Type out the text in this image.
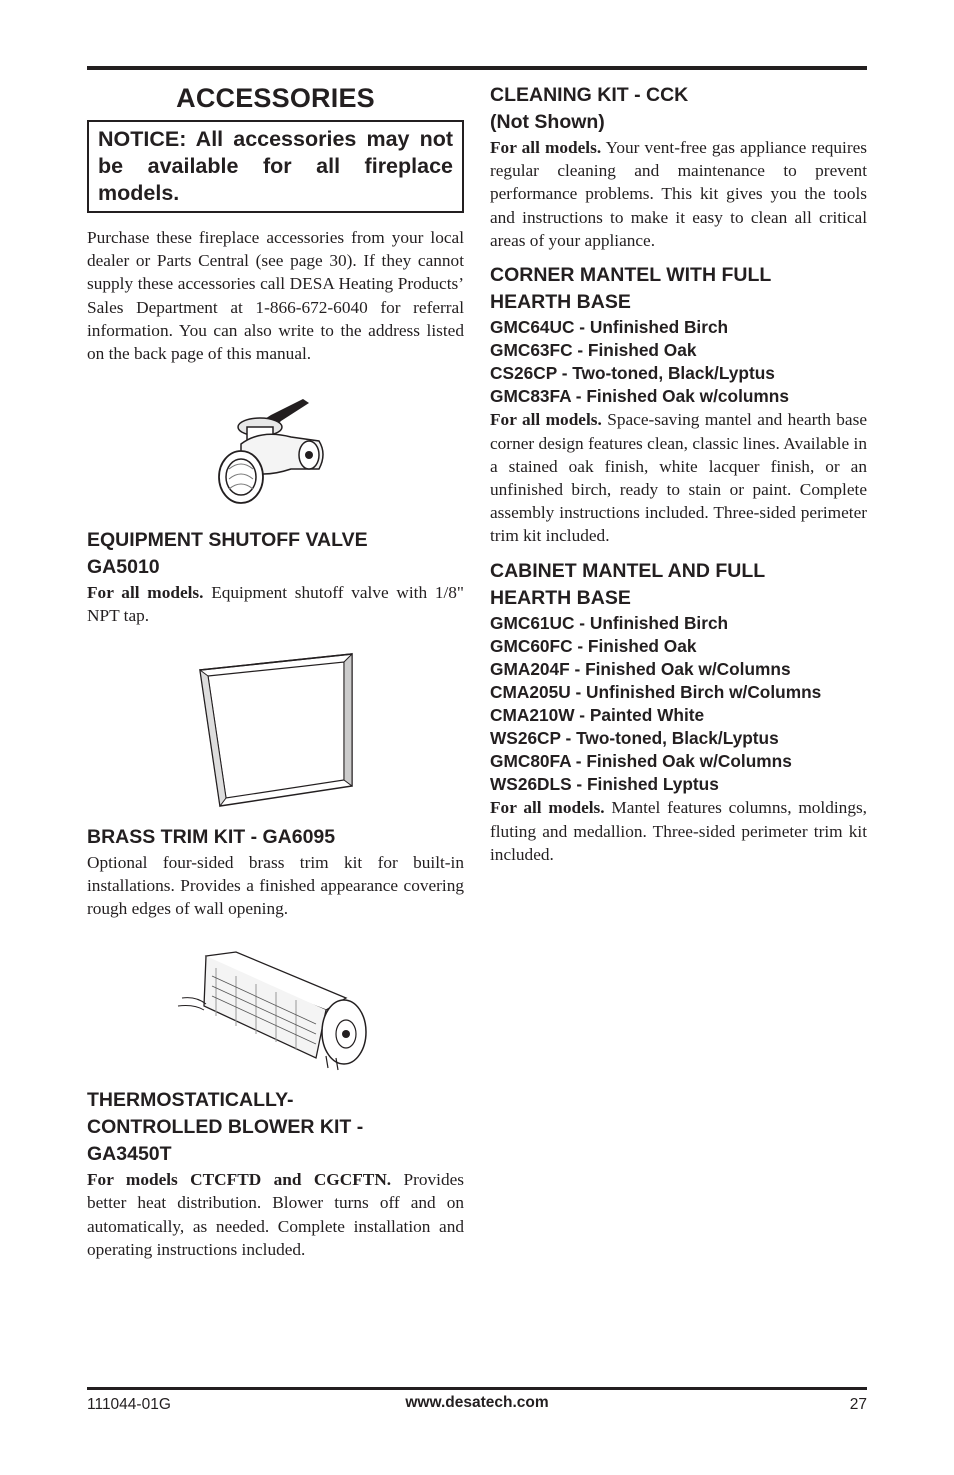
ACCESSORIES
NOTICE: All accessories may not be available for all fireplace models.

Purchase these fireplace accessories from your local dealer or Parts Central (see page 30). If they cannot supply these accessories call DESA Heating Products’ Sales Department at 1-866-672-6040 for referral information. You can also write to the address listed on the back page of this manual.

EQUIPMENT SHUTOFF VALVE
GA5010

For all models. Equipment shutoff valve with 1/8" NPT tap.

BRASS TRIM KIT - GA6095

Optional four-sided brass trim kit for built-in installations. Provides a finished appearance covering rough edges of wall opening.

THERMOSTATICALLY-
CONTROLLED BLOWER KIT -
GA3450T

For models CTCFTD and CGCFTN. Provides better heat distribution. Blower turns off and on automatically, as needed. Complete installation and operating instructions included.

CLEANING KIT - CCK
(Not Shown)

For all models. Your vent-free gas appliance requires regular cleaning and maintenance to prevent performance problems. This kit gives you the tools and instructions to make it easy to clean all critical areas of your appliance.

CORNER MANTEL WITH FULL
HEARTH BASE
GMC64UC - Unfinished Birch
GMC63FC - Finished Oak
CS26CP - Two-toned, Black/Lyptus
GMC83FA - Finished Oak w/columns

For all models. Space-saving mantel and hearth base corner design features clean, classic lines. Available in a stained oak finish, white lacquer finish, or an unfinished birch, ready to stain or paint. Complete assembly instructions included. Three-sided perimeter trim kit included.

CABINET MANTEL AND FULL
HEARTH BASE
GMC61UC - Unfinished Birch
GMC60FC - Finished Oak
GMA204F - Finished Oak w/Columns
CMA205U - Unfinished Birch w/Columns
CMA210W - Painted White
WS26CP - Two-toned, Black/Lyptus
GMC80FA - Finished Oak w/Columns
WS26DLS - Finished Lyptus

For all models. Mantel features columns, moldings, fluting and medallion. Three-sided perimeter trim kit included.

111044-01G	www.desatech.com	27
